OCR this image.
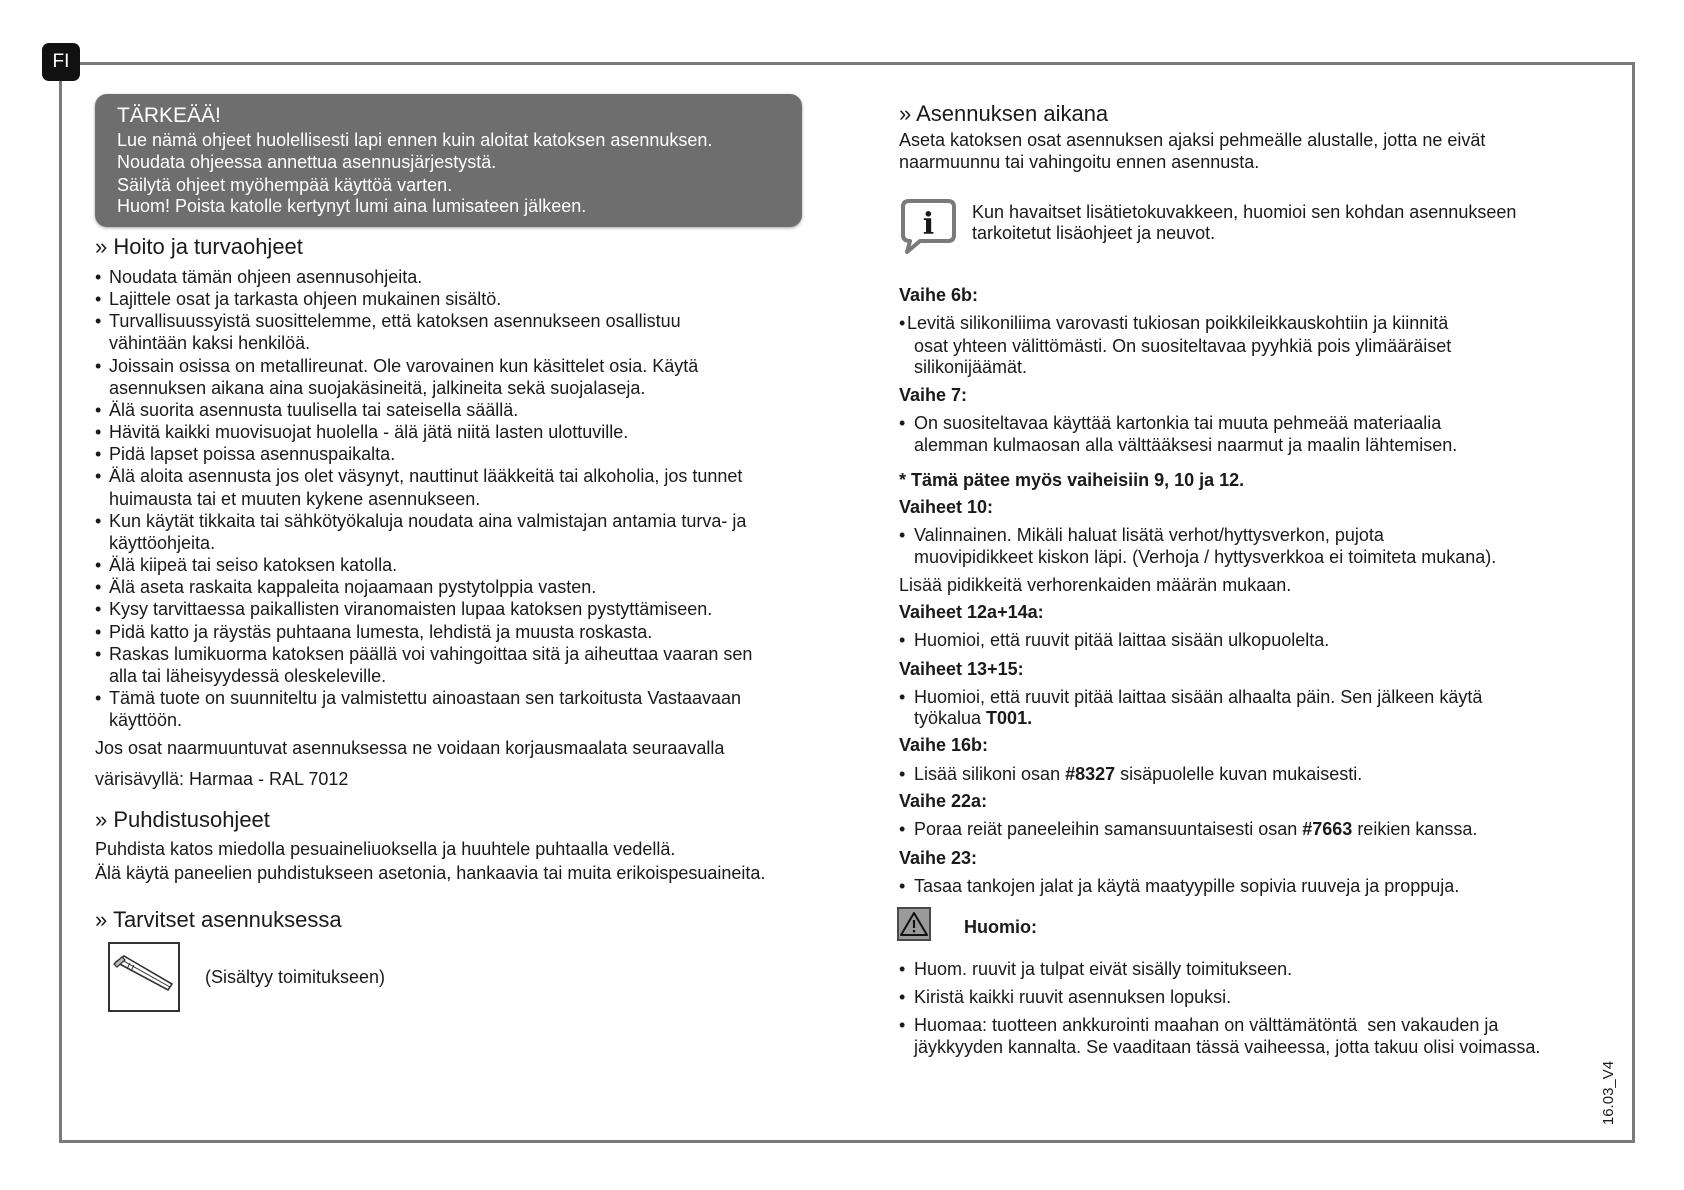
FI
TÄRKEÄÄ!
Lue nämä ohjeet huolellisesti lapi ennen kuin aloitat katoksen asennuksen.
Noudata ohjeessa annettua asennusjärjestystä.
Säilytä ohjeet myöhempää käyttöä varten.
Huom! Poista katolle kertynyt lumi aina lumisateen jälkeen.
» Hoito ja turvaohjeet
• Noudata tämän ohjeen asennusohjeita.
• Lajittele osat ja tarkasta ohjeen mukainen sisältö.
• Turvallisuussyistä suosittelemme, että katoksen asennukseen osallistuu
vähintään kaksi henkilöä.
• Joissain osissa on metallireunat. Ole varovainen kun käsittelet osia. Käytä
asennuksen aikana aina suojakäsineitä, jalkineita sekä suojalaseja.
• Älä suorita asennusta tuulisella tai sateisella säällä.
• Hävitä kaikki muovisuojat huolella - älä jätä niitä lasten ulottuville.
• Pidä lapset poissa asennuspaikalta.
• Älä aloita asennusta jos olet väsynyt, nauttinut lääkkeitä tai alkoholia, jos tunnet
huimausta tai et muuten kykene asennukseen.
• Kun käytät tikkaita tai sähkötyökaluja noudata aina valmistajan antamia turva- ja
käyttöohjeita.
• Älä kiipeä tai seiso katoksen katolla.
• Älä aseta raskaita kappaleita nojaamaan pystytolppia vasten.
• Kysy tarvittaessa paikallisten viranomaisten lupaa katoksen pystyttämiseen.
• Pidä katto ja räystäs puhtaana lumesta, lehdistä ja muusta roskasta.
• Raskas lumikuorma katoksen päällä voi vahingoittaa sitä ja aiheuttaa vaaran sen
alla tai läheisyydessä oleskeleville.
• Tämä tuote on suunniteltu ja valmistettu ainoastaan sen tarkoitusta Vastaavaan
käyttöön.
Jos osat naarmuuntuvat asennuksessa ne voidaan korjausmaalata seuraavalla
värisävyllä: Harmaa - RAL 7012
» Puhdistusohjeet
Puhdista katos miedolla pesuaineliuoksella ja huuhtele puhtaalla vedellä.
Älä käytä paneelien puhdistukseen asetonia, hankaavia tai muita erikoispesuaineita.
» Tarvitset asennuksessa
(Sisältyy toimitukseen)
» Asennuksen aikana
Aseta katoksen osat asennuksen ajaksi pehmeälle alustalle, jotta ne eivät
naarmuunnu tai vahingoitu ennen asennusta.
i Kun havaitset lisätietokuvakkeen, huomioi sen kohdan asennukseen
tarkoitetut lisäohjeet ja neuvot.
Vaihe 6b:
• Levitä silikoniliima varovasti tukiosan poikkileikkauskohtiin ja kiinnitä
osat yhteen välittömästi. On suositeltavaa pyyhkiä pois ylimääräiset
silikonijäämät.
Vaihe 7:
• On suositeltavaa käyttää kartonkia tai muuta pehmeää materiaalia
alemman kulmaosan alla välttääksesi naarmut ja maalin lähtemisen.
* Tämä pätee myös vaiheisiin 9, 10 ja 12.
Vaiheet 10:
• Valinnainen. Mikäli haluat lisätä verhot/hyttysverkon, pujota
muovipidikkeet kiskon läpi. (Verhoja / hyttysverkkoa ei toimiteta mukana).
Lisää pidikkeitä verhorenkaiden määrän mukaan.
Vaiheet 12a+14a:
• Huomioi, että ruuvit pitää laittaa sisään ulkopuolelta.
Vaiheet 13+15:
• Huomioi, että ruuvit pitää laittaa sisään alhaalta päin. Sen jälkeen käytä
työkalua T001.
Vaihe 16b:
• Lisää silikoni osan #8327 sisäpuolelle kuvan mukaisesti.
Vaihe 22a:
• Poraa reiät paneeleihin samansuuntaisesti osan #7663 reikien kanssa.
Vaihe 23:
• Tasaa tankojen jalat ja käytä maatyypille sopivia ruuveja ja proppuja.
Huomio:
• Huom. ruuvit ja tulpat eivät sisälly toimitukseen.
• Kiristä kaikki ruuvit asennuksen lopuksi.
• Huomaa: tuotteen ankkurointi maahan on välttämätöntä  sen vakauden ja
jäykkyyden kannalta. Se vaaditaan tässä vaiheessa, jotta takuu olisi voimassa.
16.03_V4
